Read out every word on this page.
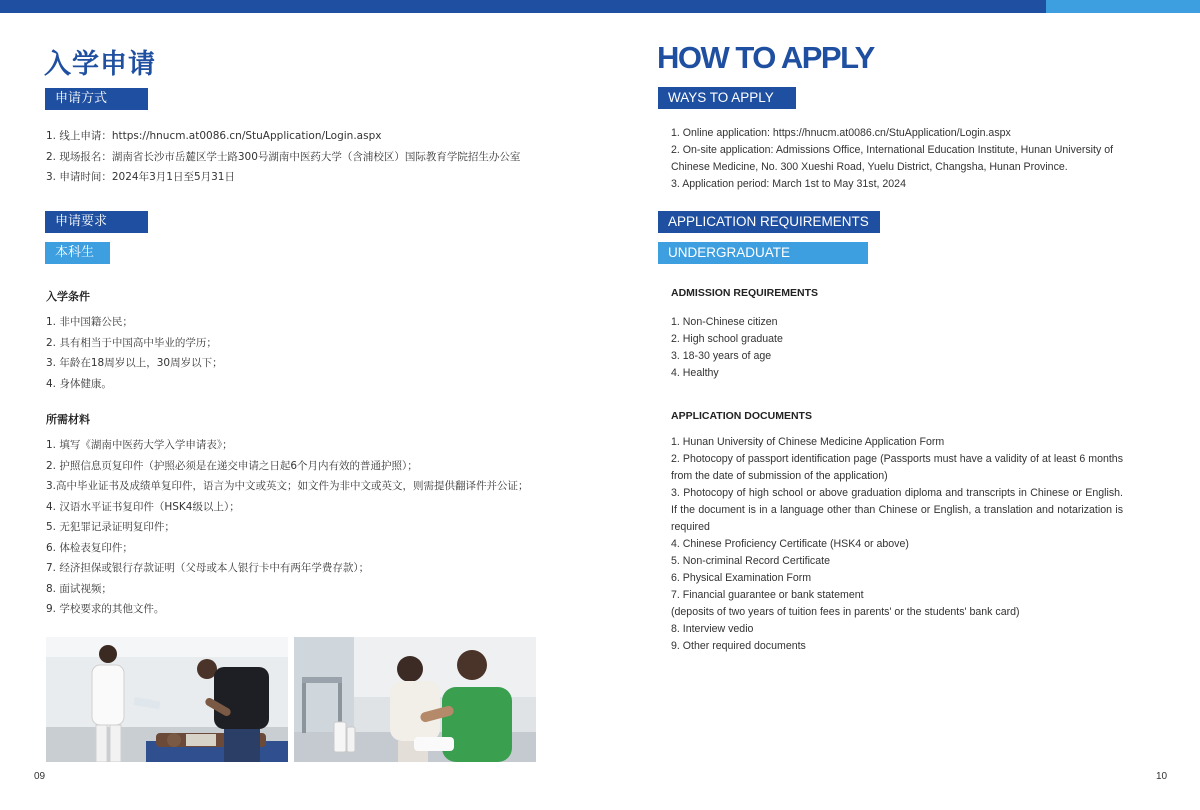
入学申请
申请方式
1. 线上申请：https://hnucm.at0086.cn/StuApplication/Login.aspx
2. 现场报名：湖南省长沙市岳麓区学士路300号湖南中医药大学（含浦校区）国际教育学院招生办公室
3. 申请时间：2024年3月1日至5月31日
申请要求
本科生
入学条件
1. 非中国籍公民；
2. 具有相当于中国高中毕业的学历；
3. 年龄在18周岁以上，30周岁以下；
4. 身体健康。
所需材料
1. 填写《湖南中医药大学入学申请表》；
2. 护照信息页复印件（护照必须是在递交申请之日起6个月内有效的普通护照）；
3.高中毕业证书及成绩单复印件，语言为中文或英文；如文件为非中文或英文，则需提供翻译件并公证；
4. 汉语水平证书复印件（HSK4级以上）；
5. 无犯罪记录证明复印件；
6. 体检表复印件；
7. 经济担保或银行存款证明（父母或本人银行卡中有两年学费存款）；
8. 面试视频；
9. 学校要求的其他文件。
09
HOW TO APPLY
WAYS TO APPLY
1. Online application: https://hnucm.at0086.cn/StuApplication/Login.aspx
2. On-site application: Admissions Office, International Education Institute, Hunan University of Chinese Medicine, No. 300 Xueshi Road, Yuelu District, Changsha, Hunan Province.
3. Application period: March 1st to May 31st, 2024
APPLICATION REQUIREMENTS
UNDERGRADUATE PROGRAM
ADMISSION REQUIREMENTS
1. Non-Chinese citizen
2. High school graduate
3. 18-30 years of age
4. Healthy
APPLICATION DOCUMENTS
1. Hunan University of Chinese Medicine Application Form
2. Photocopy of passport identification page (Passports must have a validity of at least 6 months from the date of submission of the application)
3. Photocopy of high school or above graduation diploma and transcripts in Chinese or English. If the document is in a language other than Chinese or English, a translation and notarization is required
4. Chinese Proficiency Certificate (HSK4 or above)
5. Non-criminal Record Certificate
6. Physical Examination Form
7. Financial guarantee or bank statement
(deposits of two years of tuition fees in parents' or the students' bank card)
8. Interview vedio
9. Other required documents
10
